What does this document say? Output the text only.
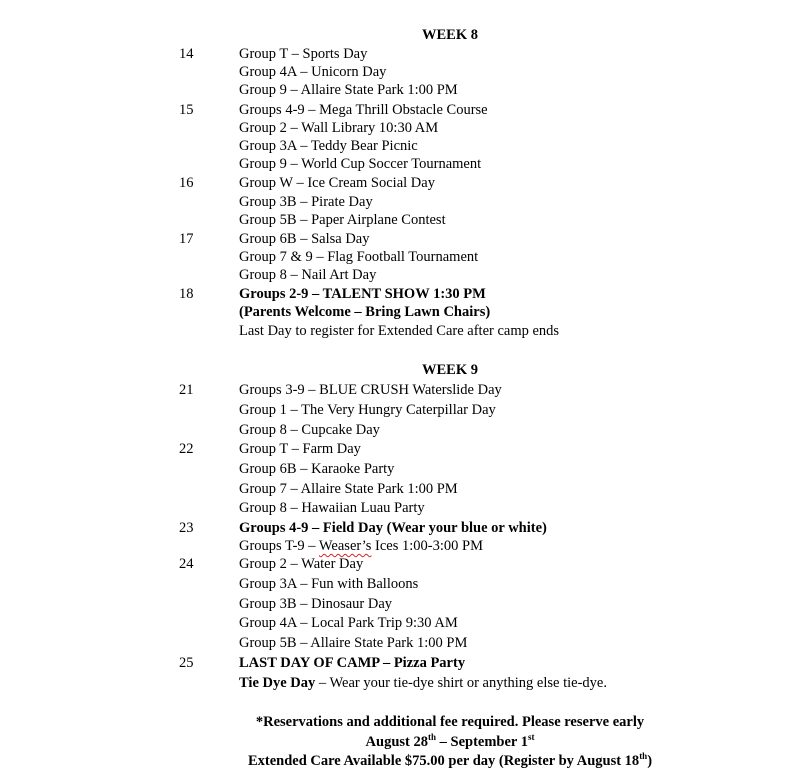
WEEK 8
14	Group T – Sports Day
Group 4A – Unicorn Day
Group 9 – Allaire State Park 1:00 PM
15	Groups 4-9 – Mega Thrill Obstacle Course
Group 2 – Wall Library 10:30 AM
Group 3A – Teddy Bear Picnic
Group 9 – World Cup Soccer Tournament
16	Group W – Ice Cream Social Day
Group 3B – Pirate Day
Group 5B – Paper Airplane Contest
17	Group 6B – Salsa Day
Group 7 & 9 – Flag Football Tournament
Group 8 – Nail Art Day
18	Groups 2-9 – TALENT SHOW 1:30 PM
(Parents Welcome – Bring Lawn Chairs)
Last Day to register for Extended Care after camp ends
WEEK 9
21	Groups 3-9 – BLUE CRUSH Waterslide Day
Group 1 – The Very Hungry Caterpillar Day
Group 8 – Cupcake Day
22	Group T – Farm Day
Group 6B – Karaoke Party
Group 7 – Allaire State Park 1:00 PM
Group 8 – Hawaiian Luau Party
23	Groups 4-9 – Field Day (Wear your blue or white)
Groups T-9 – Weaser’s Ices 1:00-3:00 PM
24	Group 2 – Water Day
Group 3A – Fun with Balloons
Group 3B – Dinosaur Day
Group 4A – Local Park Trip 9:30 AM
Group 5B – Allaire State Park 1:00 PM
25	LAST DAY OF CAMP – Pizza Party
Tie Dye Day – Wear your tie-dye shirt or anything else tie-dye.
*Reservations and additional fee required. Please reserve early
August 28th – September 1st
Extended Care Available $75.00 per day (Register by August 18th)
